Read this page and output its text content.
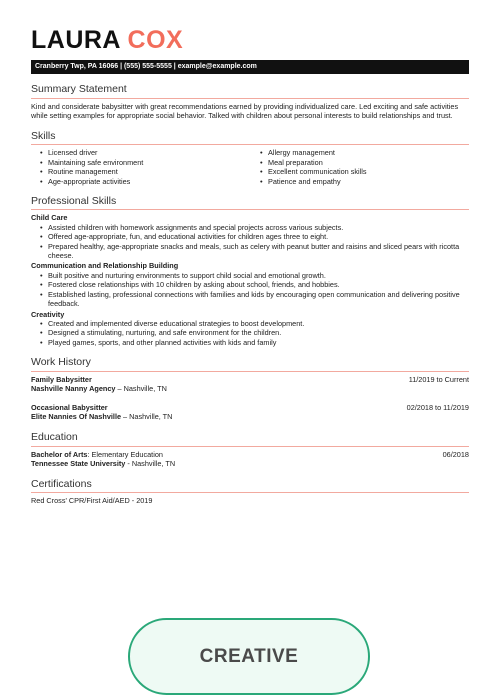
LAURA COX
Cranberry Twp, PA 16066 | (555) 555-5555 | example@example.com
Summary Statement

Kind and considerate babysitter with great recommendations earned by providing individualized care. Led exciting and safe activities while setting examples for appropriate social behavior. Talked with children about personal interests to build relationships and trust.

Skills
• Licensed driver
• Maintaining safe environment
• Routine management
• Age-appropriate activities
• Allergy management
• Meal preparation
• Excellent communication skills
• Patience and empathy
Professional Skills
Child Care
• Assisted children with homework assignments and special projects across various subjects.
• Offered age-appropriate, fun, and educational activities for children ages three to eight.
• Prepared healthy, age-appropriate snacks and meals, such as celery with peanut butter and raisins and sliced pears with ricotta cheese.
Communication and Relationship Building
• Built positive and nurturing environments to support child social and emotional growth.
• Fostered close relationships with 10 children by asking about school, friends, and hobbies.
• Established lasting, professional connections with families and kids by encouraging open communication and delivering positive feedback.
Creativity
• Created and implemented diverse educational strategies to boost development.
• Designed a stimulating, nurturing, and safe environment for the children.
• Played games, sports, and other planned activities with kids and family
Work History
Family Babysitter	11/2019 to Current
Nashville Nanny Agency – Nashville, TN
Occasional Babysitter	02/2018 to 11/2019
Elite Nannies Of Nashville – Nashville, TN
Education
Bachelor of Arts: Elementary Education	06/2018
Tennessee State University - Nashville, TN
Certifications

Red Cross' CPR/First Aid/AED - 2019

CREATIVE
